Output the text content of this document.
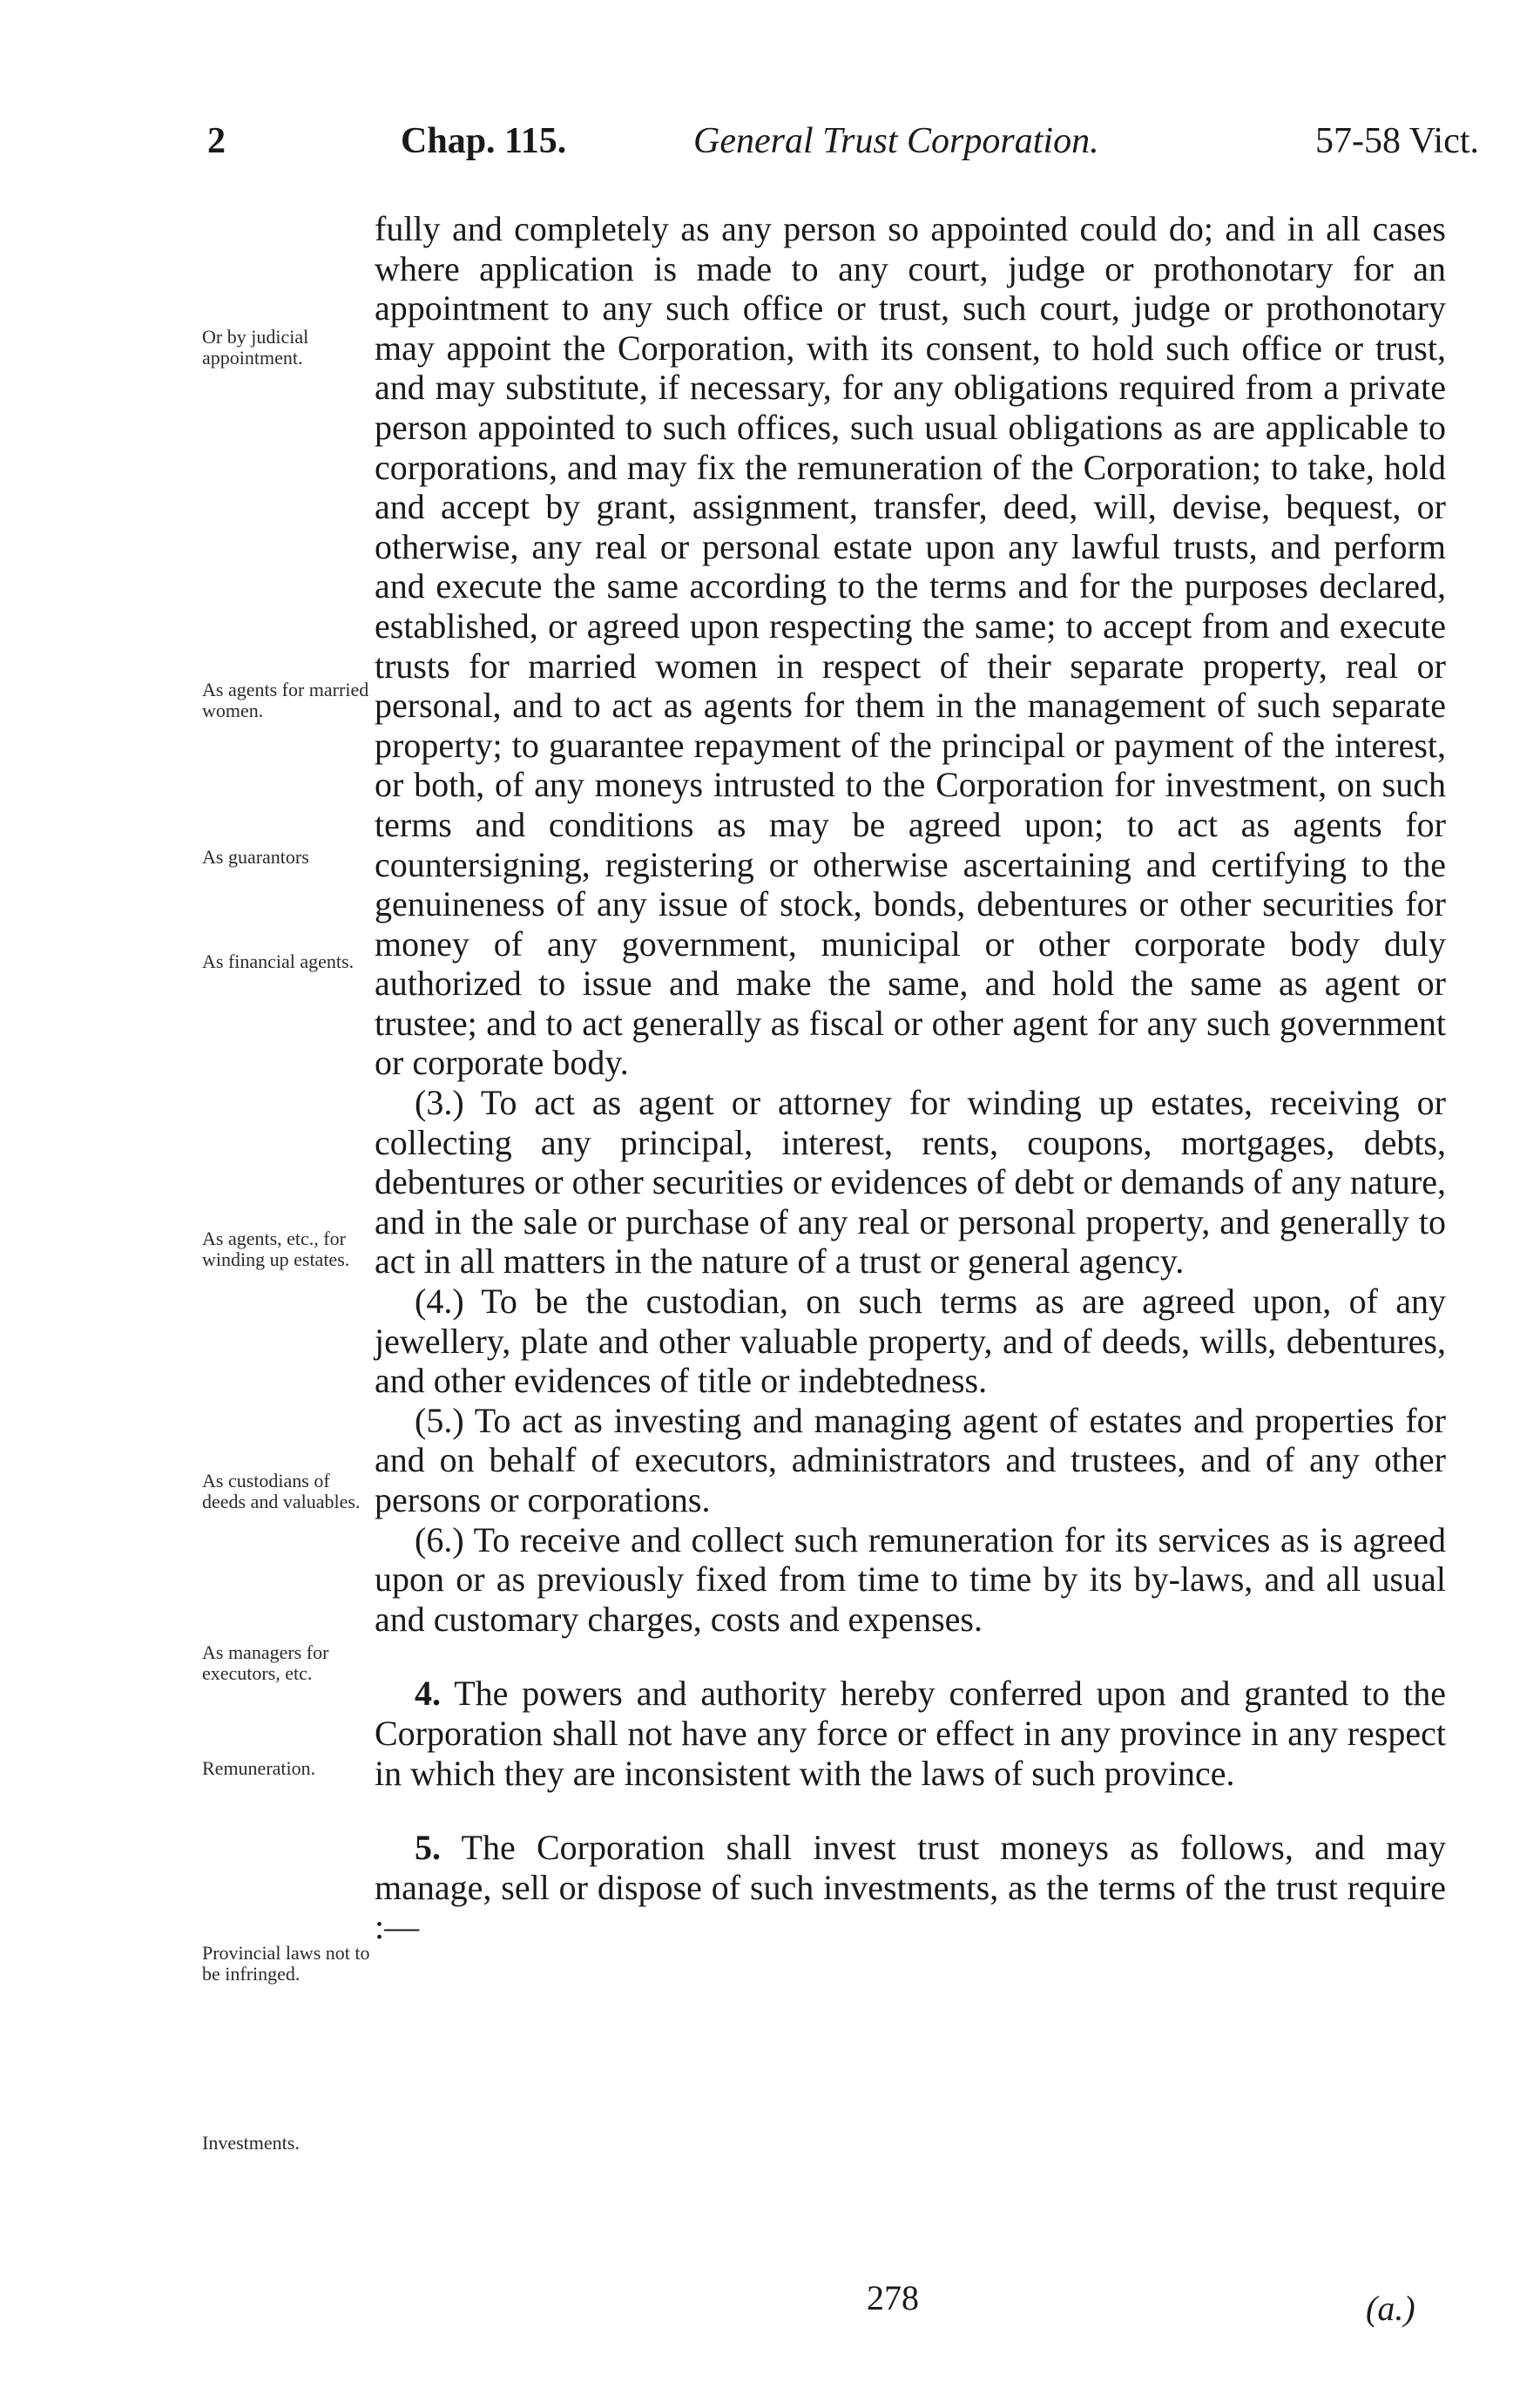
2	Chap. 115.	General Trust Corporation.	57-58 Vict.

fully and completely as any person so appointed could do; and in all cases where application is made to any court, judge or prothonotary for an appointment to any such office or trust, such court, judge or prothonotary may appoint the Corporation, with its consent, to hold such office or trust, and may substitute, if necessary, for any obligations required from a private person appointed to such offices, such usual obligations as are applicable to corporations, and may fix the remuneration of the Corporation; to take, hold and accept by grant, assignment, transfer, deed, will, devise, bequest, or otherwise, any real or personal estate upon any lawful trusts, and perform and execute the same according to the terms and for the purposes declared, established, or agreed upon respecting the same; to accept from and execute trusts for married women in respect of their separate property, real or personal, and to act as agents for them in the management of such separate property; to guarantee repayment of the principal or payment of the interest, or both, of any moneys intrusted to the Corporation for investment, on such terms and conditions as may be agreed upon; to act as agents for countersigning, registering or otherwise ascertaining and certifying to the genuineness of any issue of stock, bonds, debentures or other securities for money of any government, municipal or other corporate body duly authorized to issue and make the same, and hold the same as agent or trustee; and to act generally as fiscal or other agent for any such government or corporate body.

(3.) To act as agent or attorney for winding up estates, receiving or collecting any principal, interest, rents, coupons, mortgages, debts, debentures or other securities or evidences of debt or demands of any nature, and in the sale or purchase of any real or personal property, and generally to act in all matters in the nature of a trust or general agency.

(4.) To be the custodian, on such terms as are agreed upon, of any jewellery, plate and other valuable property, and of deeds, wills, debentures, and other evidences of title or indebtedness.

(5.) To act as investing and managing agent of estates and properties for and on behalf of executors, administrators and trustees, and of any other persons or corporations.

(6.) To receive and collect such remuneration for its services as is agreed upon or as previously fixed from time to time by its by-laws, and all usual and customary charges, costs and expenses.

4. The powers and authority hereby conferred upon and granted to the Corporation shall not have any force or effect in any province in any respect in which they are inconsistent with the laws of such province.

5. The Corporation shall invest trust moneys as follows, and may manage, sell or dispose of such investments, as the terms of the trust require :—

Or by judicial appointment.
As agents for married women.
As guarantors
As financial agents.
As agents, etc., for winding up estates.
As custodians of deeds and valuables.
As managers for executors, etc.
Remuneration.
Provincial laws not to be infringed.
Investments.
278	(a.)
